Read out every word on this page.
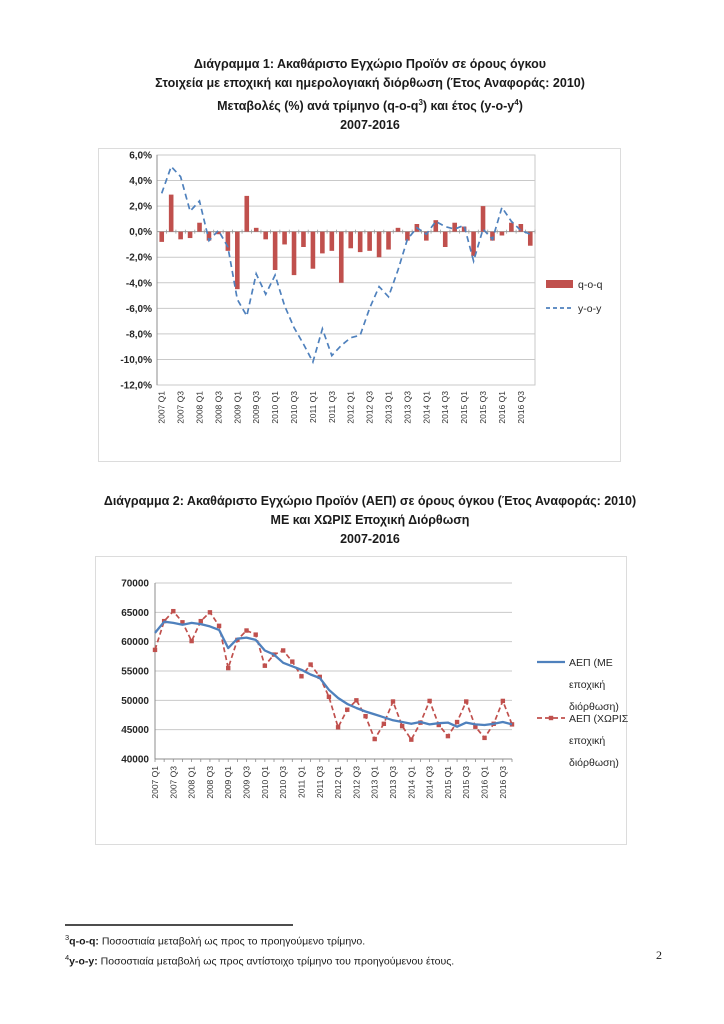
Διάγραμμα 1: Ακαθάριστο Εγχώριο Προϊόν σε όρους όγκου
Στοιχεία με εποχική και ημερολογιακή διόρθωση (Έτος Αναφοράς: 2010)
Μεταβολές (%) ανά τρίμηνο $(q-o-q^3)$ και έτος $(y-o-y^4)$
2007-2016
6,0%
4,0%
2,0%
0,0%
-2,0%
-4,0%
-6,0%
-8,0%
-10,0%
-12,0%
2007 Q1 2007 Q3 2008 Q1 2008 Q3 2009 Q1 2009 Q3 2010 Q1 2010 Q3 2011 Q1 2011 Q3 2012 Q1 2012 Q3 2013 Q1 2013 Q3 2014 Q1 2014 Q3 2015 Q1 2015 Q3 2016 Q1 2016 Q3
q-o-q
y-o-y
Διάγραμμα 2: Ακαθάριστο Εγχώριο Προϊόν (ΑΕΠ) σε όρους όγκου (Έτος Αναφοράς: 2010)
ΜΕ και ΧΩΡΙΣ Εποχική Διόρθωση
2007-2016
70000
65000
60000
55000
50000
45000
40000
2007 Q1 2007 Q3 2008 Q1 2008 Q3 2009 Q1 2009 Q3 2010 Q1 2010 Q3 2011 Q1 2011 Q3 2012 Q1 2012 Q3 2013 Q1 2013 Q3 2014 Q1 2014 Q3 2015 Q1 2015 Q3 2016 Q1 2016 Q3
ΑΕΠ (ΜΕ
εποχική
διόρθωση)
ΑΕΠ (ΧΩΡΙΣ
εποχική
διόρθωση)
$^3$q-o-q: Ποσοστιαία μεταβολή ως προς το προηγούμενο τρίμηνο.
$^4$y-o-y: Ποσοστιαία μεταβολή ως προς αντίστοιχο τρίμηνο του προηγούμενου έτους.	2
